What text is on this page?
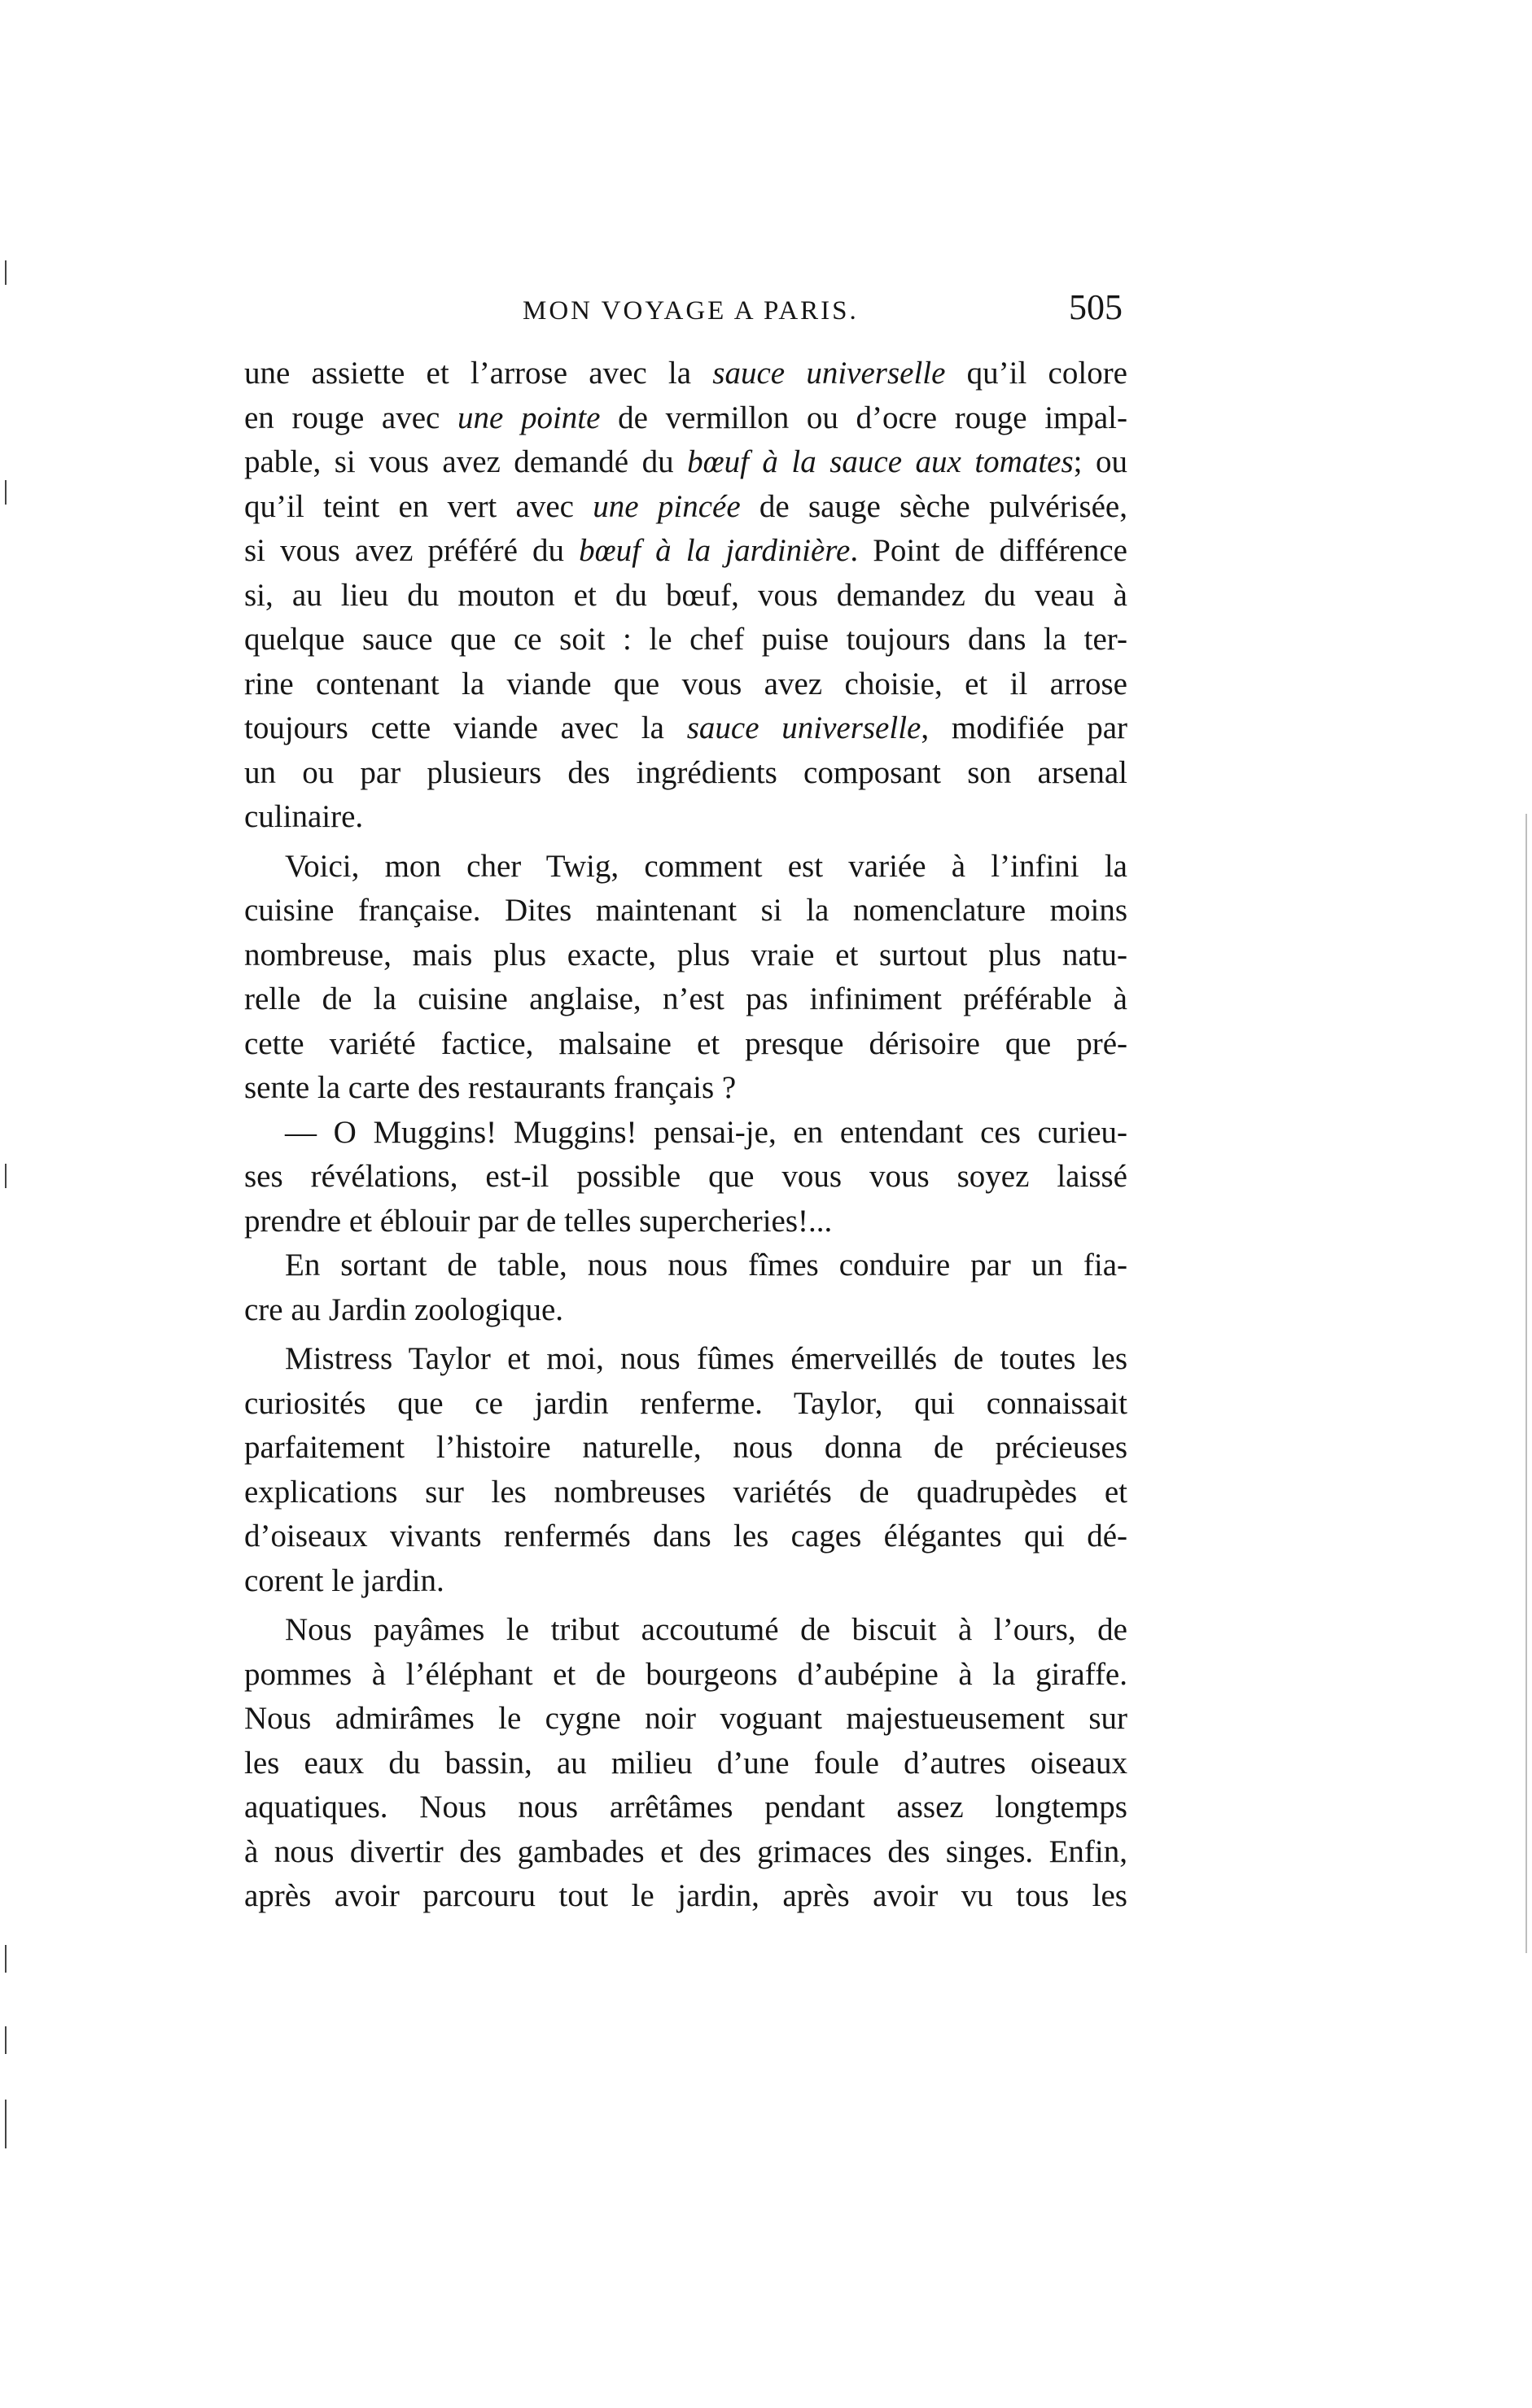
MON VOYAGE A PARIS.	505
une assiette et l’arrose avec la sauce universelle qu’il colore
en rouge avec une pointe de vermillon ou d’ocre rouge impal-
pable, si vous avez demandé du bœuf à la sauce aux tomates; ou
qu’il teint en vert avec une pincée de sauge sèche pulvérisée,
si vous avez préféré du bœuf à la jardinière. Point de différence
si, au lieu du mouton et du bœuf, vous demandez du veau à
quelque sauce que ce soit : le chef puise toujours dans la ter-
rine contenant la viande que vous avez choisie, et il arrose
toujours cette viande avec la sauce universelle, modifiée par
un ou par plusieurs des ingrédients composant son arsenal
culinaire.
Voici, mon cher Twig, comment est variée à l’infini la
cuisine française. Dites maintenant si la nomenclature moins
nombreuse, mais plus exacte, plus vraie et surtout plus natu-
relle de la cuisine anglaise, n’est pas infiniment préférable à
cette variété factice, malsaine et presque dérisoire que pré-
sente la carte des restaurants français ?
— O Muggins! Muggins! pensai-je, en entendant ces curieu-
ses révélations, est-il possible que vous vous soyez laissé
prendre et éblouir par de telles supercheries!...
En sortant de table, nous nous fîmes conduire par un fia-
cre au Jardin zoologique.
Mistress Taylor et moi, nous fûmes émerveillés de toutes les
curiosités que ce jardin renferme. Taylor, qui connaissait
parfaitement l’histoire naturelle, nous donna de précieuses
explications sur les nombreuses variétés de quadrupèdes et
d’oiseaux vivants renfermés dans les cages élégantes qui dé-
corent le jardin.
Nous payâmes le tribut accoutumé de biscuit à l’ours, de
pommes à l’éléphant et de bourgeons d’aubépine à la giraffe.
Nous admirâmes le cygne noir voguant majestueusement sur
les eaux du bassin, au milieu d’une foule d’autres oiseaux
aquatiques. Nous nous arrêtâmes pendant assez longtemps
à nous divertir des gambades et des grimaces des singes. Enfin,
après avoir parcouru tout le jardin, après avoir vu tous les
